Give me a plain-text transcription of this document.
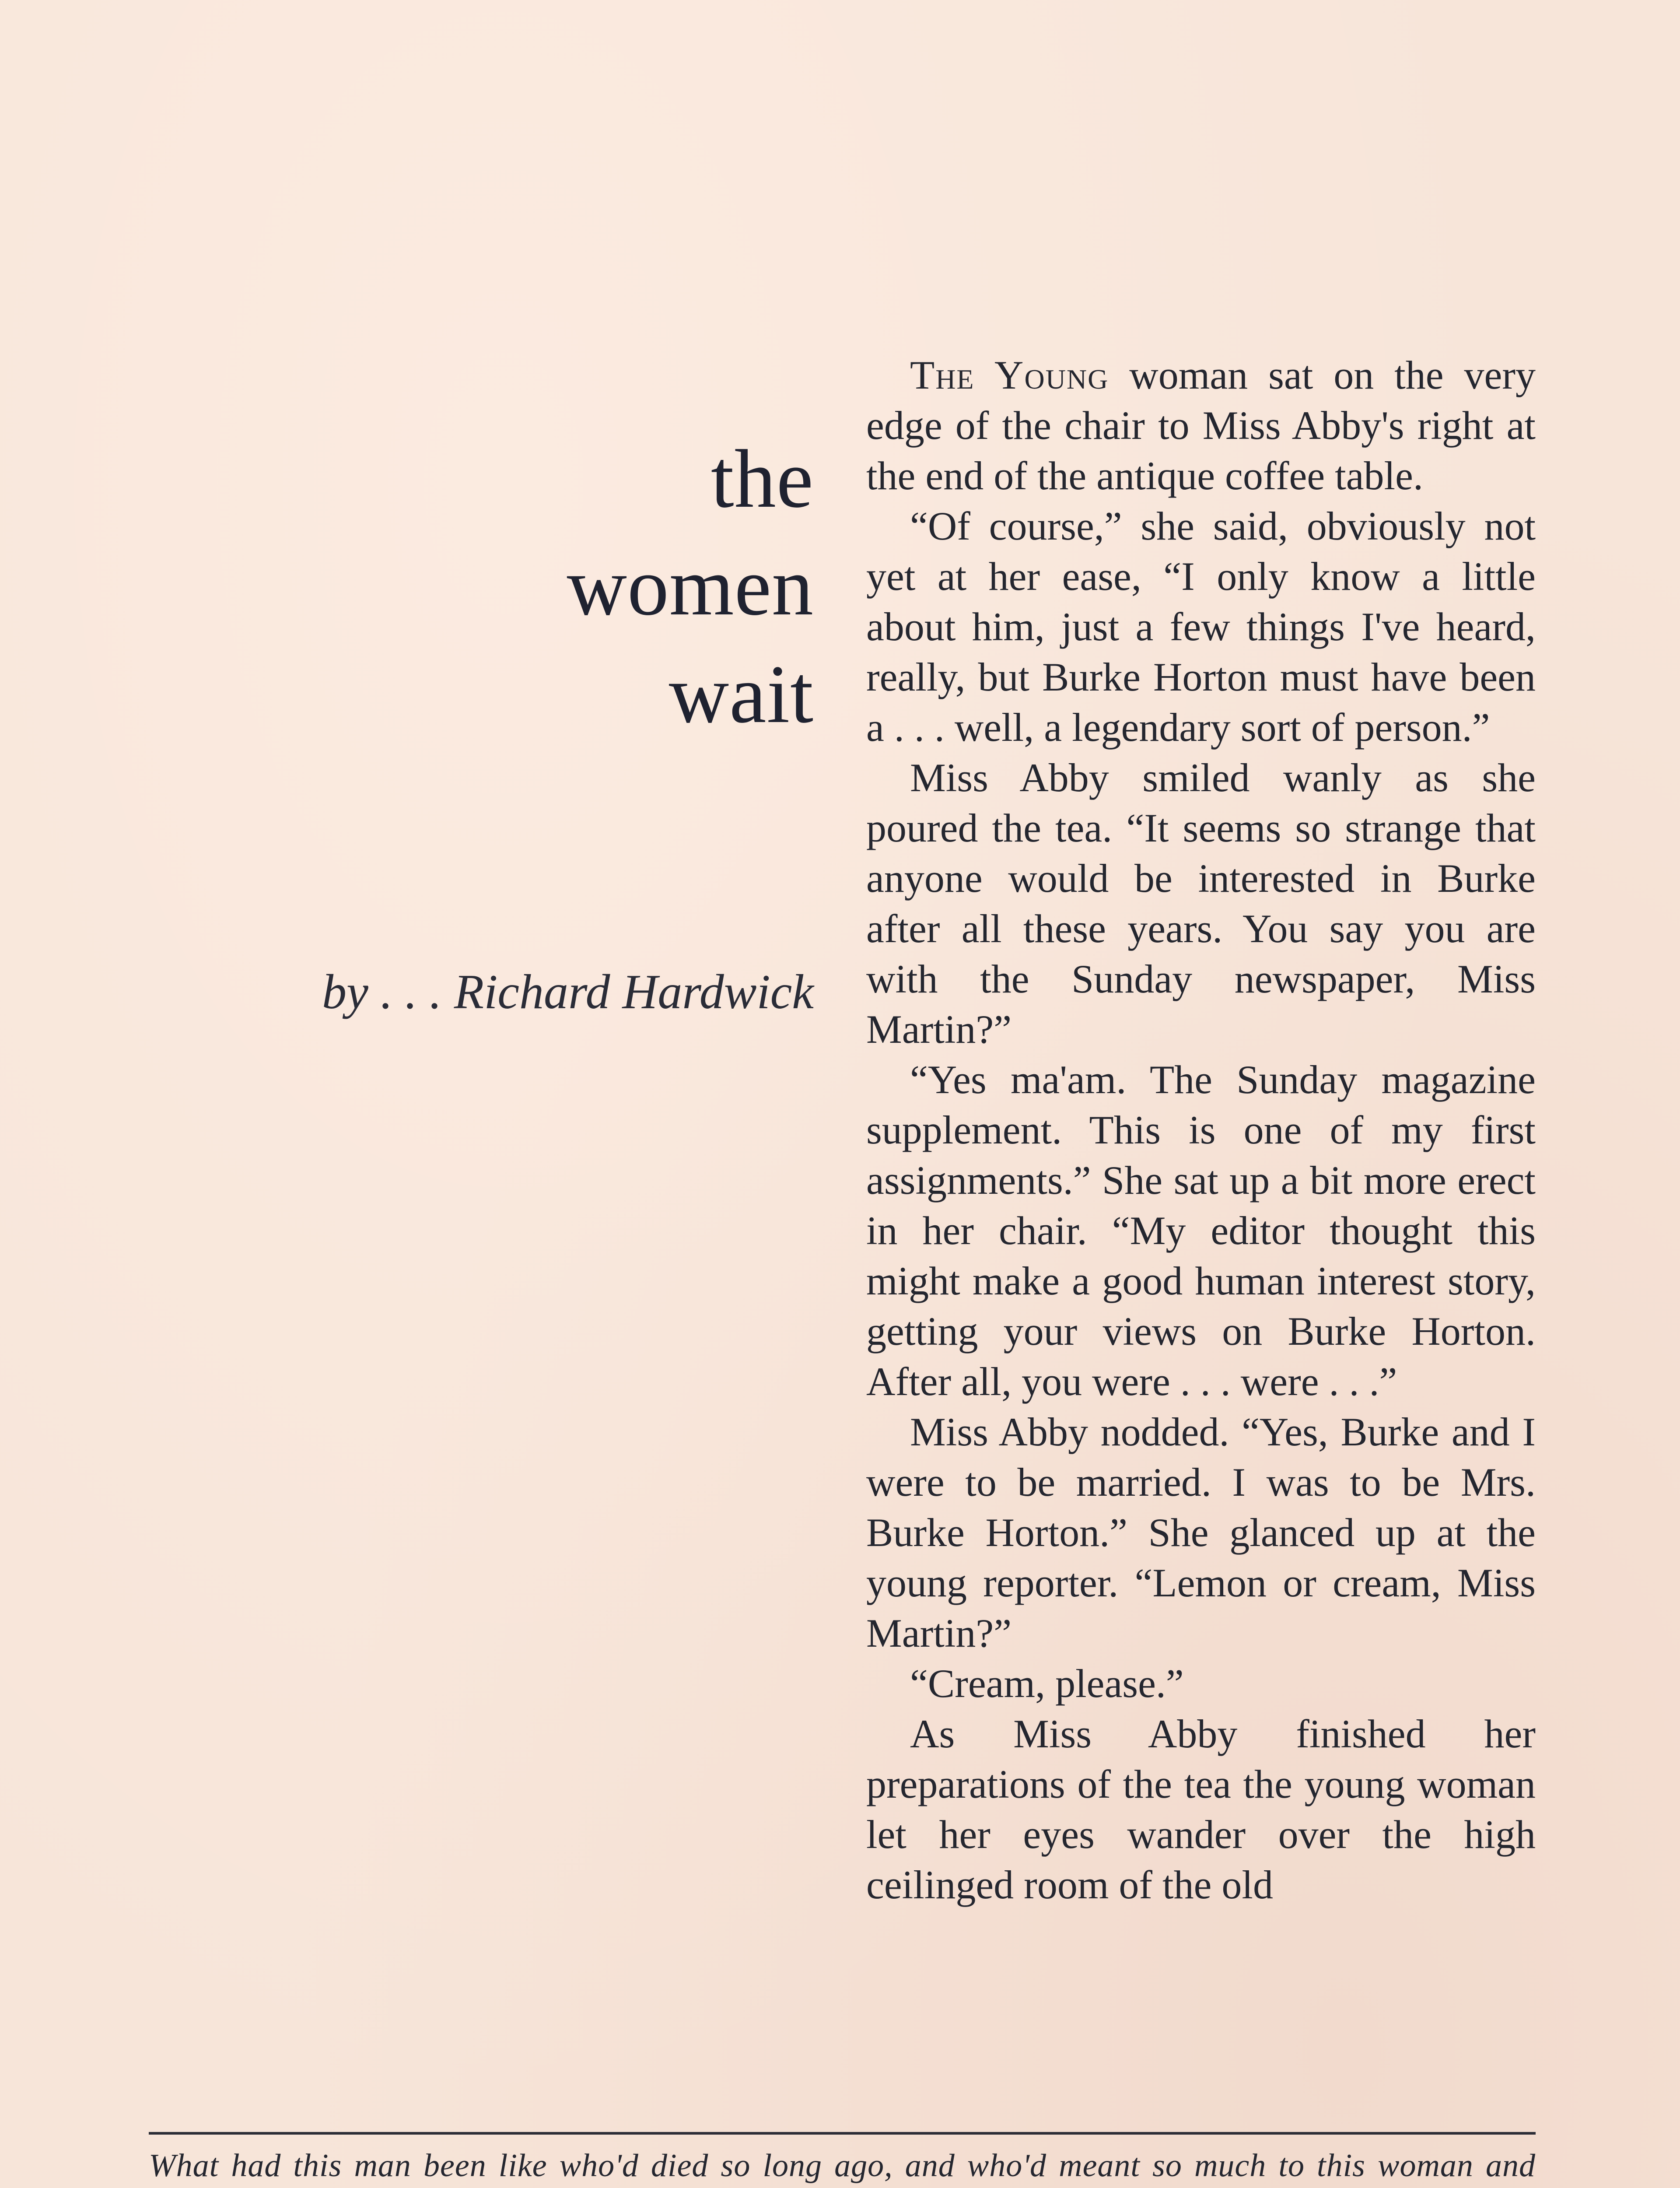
the
women
wait
by . . . Richard Hardwick

The Young woman sat on the very edge of the chair to Miss Abby's right at the end of the antique coffee table.

“Of course,” she said, obviously not yet at her ease, “I only know a little about him, just a few things I've heard, really, but Burke Horton must have been a . . . well, a legendary sort of person.”

Miss Abby smiled wanly as she poured the tea. “It seems so strange that anyone would be interested in Burke after all these years. You say you are with the Sunday newspaper, Miss Martin?”

“Yes ma'am. The Sunday magazine supplement. This is one of my first assignments.” She sat up a bit more erect in her chair. “My editor thought this might make a good human interest story, getting your views on Burke Horton. After all, you were . . . were . . .”

Miss Abby nodded. “Yes, Burke and I were to be married. I was to be Mrs. Burke Horton.” She glanced up at the young reporter. “Lemon or cream, Miss Martin?”

“Cream, please.”

As Miss Abby finished her preparations of the tea the young woman let her eyes wander over the high ceilinged room of the old

What had this man been like who'd died so long ago, and who'd meant so much to this woman and
